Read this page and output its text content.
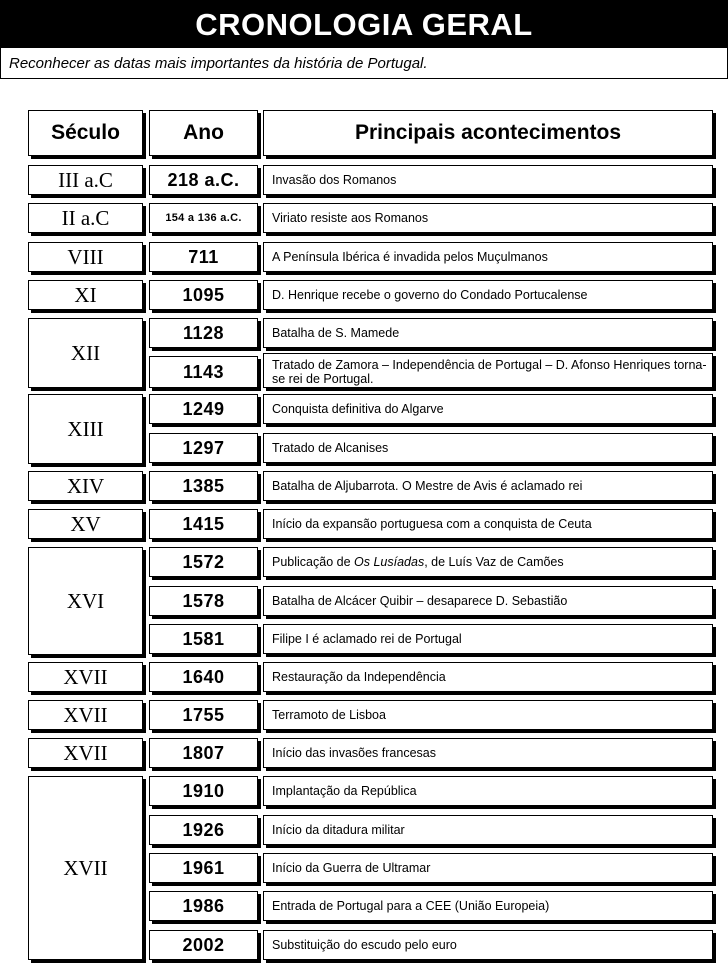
CRONOLOGIA GERAL
Reconhecer as datas mais importantes da história de Portugal.
Século	Ano	Principais acontecimentos
III a.C
II a.C
VIII
XI
XII
XIII
XIV
XV
XVI
XVII
XVII
XVII
XVII
218 a.C.
154 a 136 a.C.
711
1095
1128
1143
1249
1297
1385
1415
1572
1578
1581
1640
1755
1807
1910
1926
1961
1986
2002
Invasão dos Romanos
Viriato resiste aos Romanos
A Península Ibérica é invadida pelos Muçulmanos
D. Henrique recebe o governo do Condado Portucalense
Batalha de S. Mamede
Tratado de Zamora – Independência de Portugal – D. Afonso Henriques torna-se rei de Portugal.
Conquista definitiva do Algarve
Tratado de Alcanises
Batalha de Aljubarrota. O Mestre de Avis é aclamado rei
Início da expansão portuguesa com a conquista de Ceuta
Publicação de Os Lusíadas , de Luís Vaz de Camões
Batalha de Alcácer Quibir – desaparece D. Sebastião
Filipe I é aclamado rei de Portugal
Restauração da Independência
Terramoto de Lisboa
Início das invasões francesas
Implantação da República
Início da ditadura militar
Início da Guerra de Ultramar
Entrada de Portugal para a CEE (União Europeia)
Substituição do escudo pelo euro
